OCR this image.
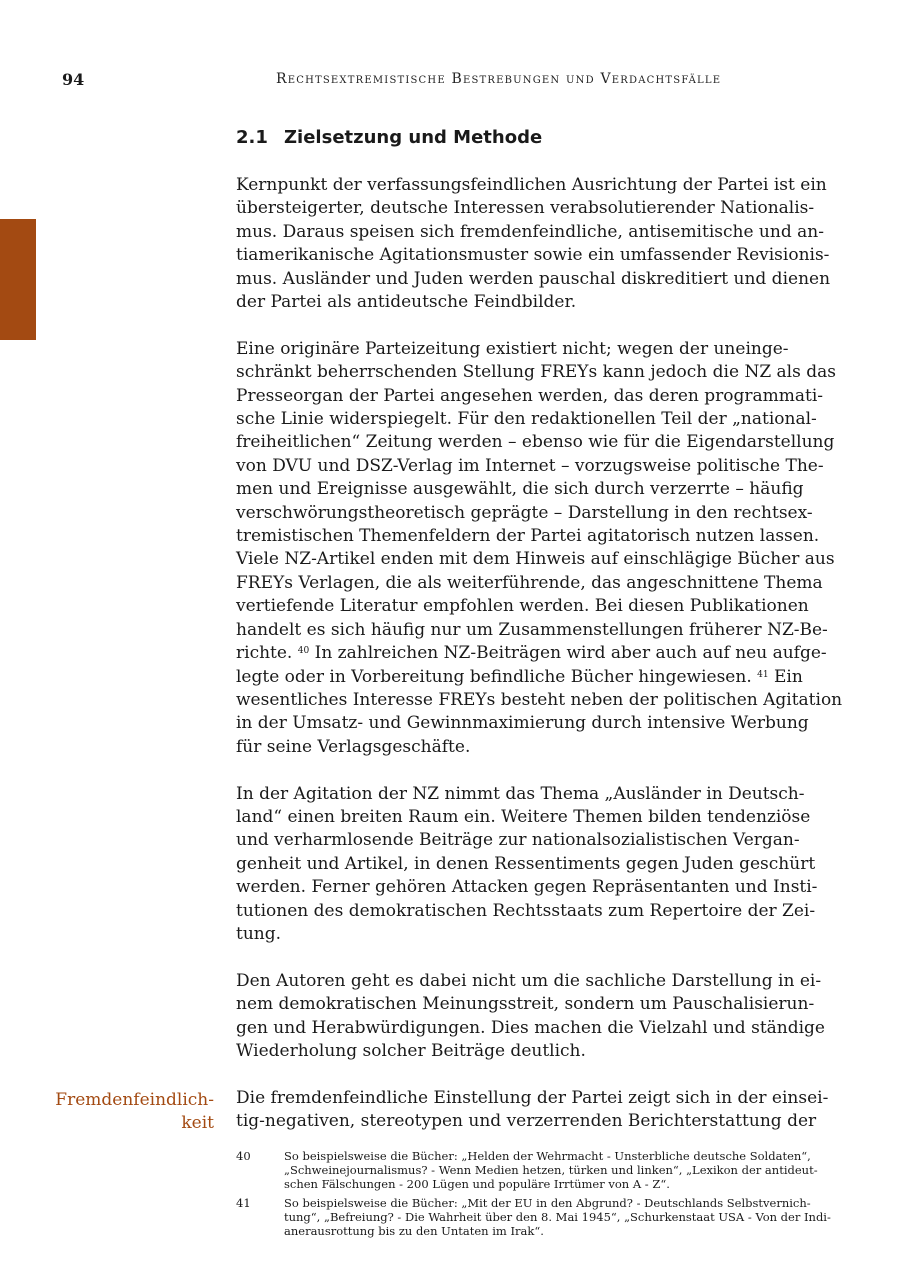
94	Rechtsextremistische Bestrebungen und Verdachtsfälle
2.1 Zielsetzung und Methode

Kernpunkt der verfassungsfeindlichen Ausrichtung der Partei ist ein
übersteigerter, deutsche Interessen verabsolutierender Nationalis-
mus. Daraus speisen sich fremdenfeindliche, antisemitische und an-
tiamerikanische Agitationsmuster sowie ein umfassender Revisionis-
mus. Ausländer und Juden werden pauschal diskreditiert und dienen
der Partei als antideutsche Feindbilder.

Eine originäre Parteizeitung existiert nicht; wegen der uneinge-
schränkt beherrschenden Stellung FREYs kann jedoch die NZ als das
Presseorgan der Partei angesehen werden, das deren programmati-
sche Linie widerspiegelt. Für den redaktionellen Teil der „national-
freiheitlichen“ Zeitung werden – ebenso wie für die Eigendarstellung
von DVU und DSZ-Verlag im Internet – vorzugsweise politische The-
men und Ereignisse ausgewählt, die sich durch verzerrte – häufig
verschwörungstheoretisch geprägte – Darstellung in den rechtsex-
tremistischen Themenfeldern der Partei agitatorisch nutzen lassen.
Viele NZ-Artikel enden mit dem Hinweis auf einschlägige Bücher aus
FREYs Verlagen, die als weiterführende, das angeschnittene Thema
vertiefende Literatur empfohlen werden. Bei diesen Publikationen
handelt es sich häufig nur um Zusammenstellungen früherer NZ-Be-
richte. $^{40}$ In zahlreichen NZ-Beiträgen wird aber auch auf neu aufge-
legte oder in Vorbereitung befindliche Bücher hingewiesen. $^{41}$ Ein
wesentliches Interesse FREYs besteht neben der politischen Agitation
in der Umsatz- und Gewinnmaximierung durch intensive Werbung
für seine Verlagsgeschäfte.

In der Agitation der NZ nimmt das Thema „Ausländer in Deutsch-
land“ einen breiten Raum ein. Weitere Themen bilden tendenziöse
und verharmlosende Beiträge zur nationalsozialistischen Vergan-
genheit und Artikel, in denen Ressentiments gegen Juden geschürt
werden. Ferner gehören Attacken gegen Repräsentanten und Insti-
tutionen des demokratischen Rechtsstaats zum Repertoire der Zei-
tung.

Den Autoren geht es dabei nicht um die sachliche Darstellung in ei-
nem demokratischen Meinungsstreit, sondern um Pauschalisierun-
gen und Herabwürdigungen. Dies machen die Vielzahl und ständige
Wiederholung solcher Beiträge deutlich.

Die fremdenfeindliche Einstellung der Partei zeigt sich in der einsei-
tig-negativen, stereotypen und verzerrenden Berichterstattung der

Fremdenfeindlich-
keit
40	So beispielsweise die Bücher: „Helden der Wehrmacht - Unsterbliche deutsche Soldaten“,
„Schweinejournalismus? - Wenn Medien hetzen, türken und linken“, „Lexikon der antideut-
schen Fälschungen - 200 Lügen und populäre Irrtümer von A - Z“.
41	So beispielsweise die Bücher: „Mit der EU in den Abgrund? - Deutschlands Selbstvernich-
tung“, „Befreiung? - Die Wahrheit über den 8. Mai 1945“, „Schurkenstaat USA - Von der Indi-
anerausrottung bis zu den Untaten im Irak“.
